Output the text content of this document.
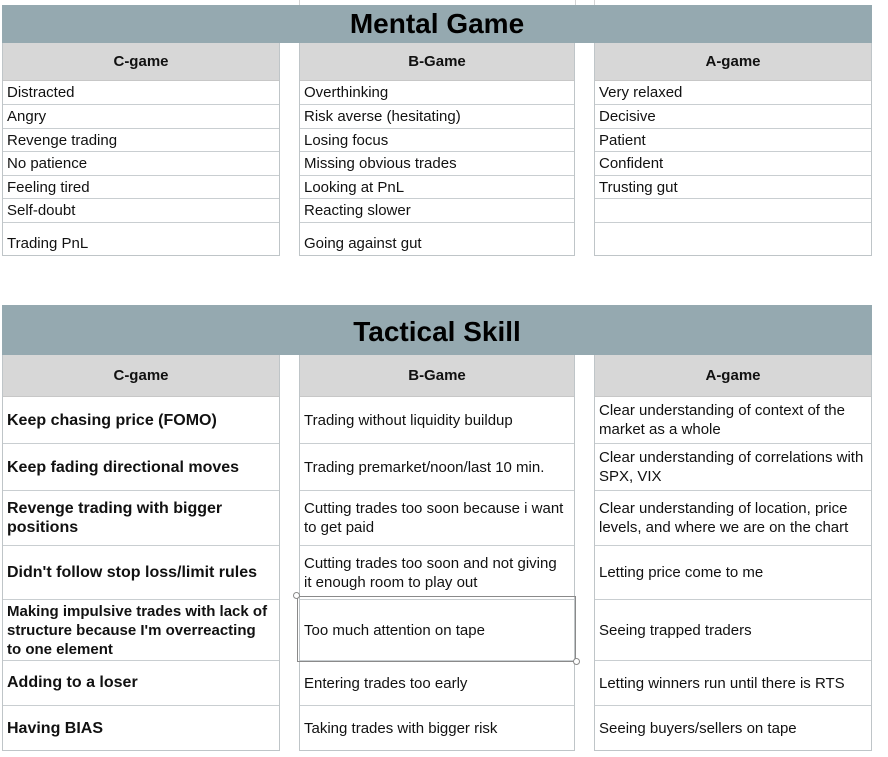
Mental Game
C-game
Distracted
Angry
Revenge trading
No patience
Feeling tired
Self-doubt
Trading PnL
B-Game
Overthinking
Risk averse (hesitating)
Losing focus
Missing obvious trades
Looking at PnL
Reacting slower
Going against gut
A-game
Very relaxed
Decisive
Patient
Confident
Trusting gut
Tactical Skill
C-game
Keep chasing price (FOMO)
Keep fading directional moves
Revenge trading with bigger positions
Didn't follow stop loss/limit rules
Making impulsive trades with lack of structure because I'm overreacting to one element
Adding to a loser
Having BIAS
B-Game
Trading without liquidity buildup
Trading premarket/noon/last 10 min.
Cutting trades too soon because i want to get paid
Cutting trades too soon and not giving it enough room to play out
Too much attention on tape
Entering trades too early
Taking trades with bigger risk
A-game
Clear understanding of context of the market as a whole
Clear understanding of correlations with SPX, VIX
Clear understanding of location, price levels, and where we are on the chart
Letting price come to me
Seeing trapped traders
Letting winners run until there is RTS
Seeing buyers/sellers on tape
